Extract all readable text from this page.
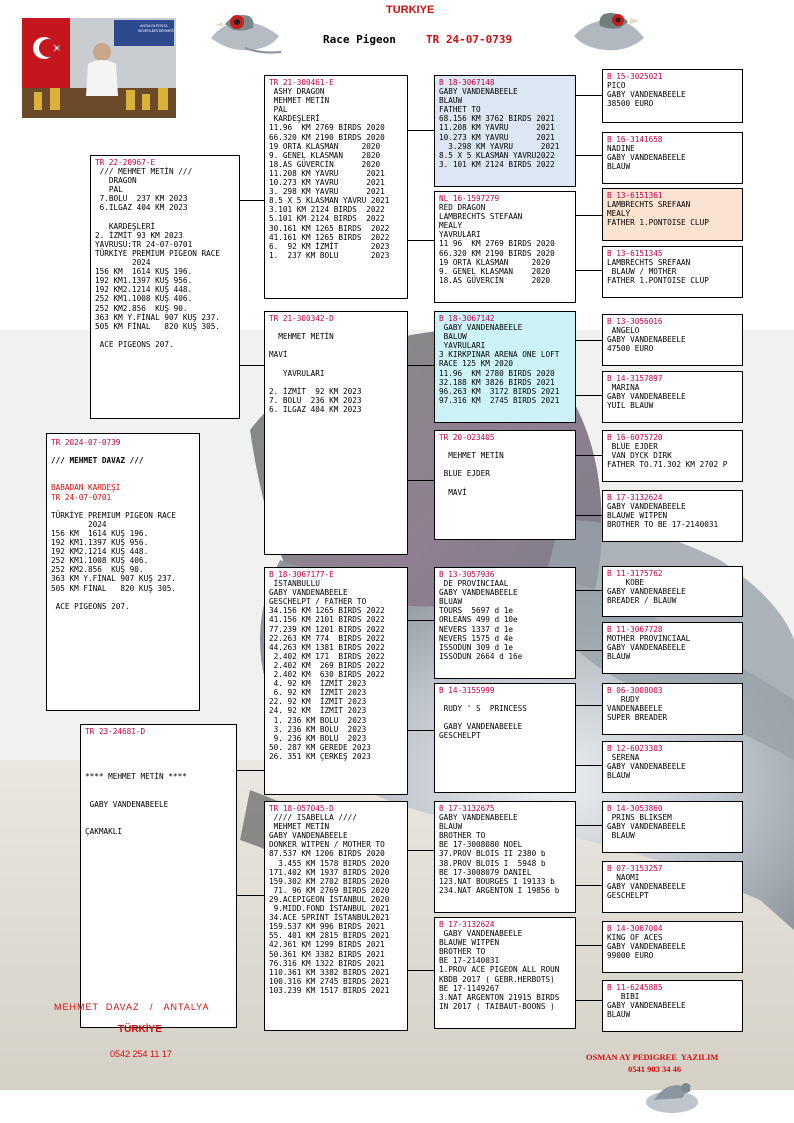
TURKIYE
Race Pigeon	TR 24-07-0739
ANTALYA POSTA
SEVERLERİ DERNEĞİ
TR 2024-07-0739

/// MEHMET DAVAZ ///

BABADAN KARDEŞİ
TR 24-07-0701

TÜRKİYE PREMIUM PIGEON RACE
2024
156 KM  1614 KUŞ 196.
192 KM1.1397 KUŞ 956.
192 KM2.1214 KUŞ 448.
252 KM1.1008 KUŞ 406.
252 KM2.856  KUŞ 90.
363 KM Y.FİNAL 907 KUŞ 237.
505 KM FİNAL   820 KUŞ 305.

ACE PIGEONS 207.
TR 22-20967-E
/// MEHMET METİN ///
DRAGON
PAL
7.BOLU  237 KM 2023
6.ILGAZ 404 KM 2023

KARDEŞLERİ
2. İZMİT 93 KM 2023
YAVRUSU:TR 24-07-0701
TÜRKİYE PREMIUM PIGEON RACE
2024
156 KM  1614 KUŞ 196.
192 KM1.1397 KUŞ 956.
192 KM2.1214 KUŞ 448.
252 KM1.1008 KUŞ 406.
252 KM2.856  KUŞ 90.
363 KM Y.FİNAL 907 KUŞ 237.
505 KM FİNAL   820 KUŞ 305.

ACE PIGEONS 207.
TR 23-24681-D

**** MEHMET METİN ****

GABY VANDENABEELE

ÇAKMAKLI
TR 21-300461-E
ASHY DRAGON
MEHMET METİN
PAL
KARDEŞLERİ
11.96  KM 2769 BIRDS 2020
66.320 KM 2190 BIRDS 2020
19 ORTA KLASMAN     2020
9. GENEL KLASMAN    2020
18.AS GÜVERCİN      2020
11.208 KM YAVRU      2021
10.273 KM YAVRU      2021
3. 298 KM YAVRU      2021
8.5 X 5 KLASMAN YAVRU 2021
3.101 KM 2124 BIRDS  2022
5.101 KM 2124 BIRDS  2022
30.161 KM 1265 BIRDS  2022
41.161 KM 1265 BIRDS  2022
6.  92 KM İZMİT       2023
1.  237 KM BOLU       2023
TR 21-300342-D

MEHMET METİN

MAVİ

YAVRULARI

2. İZMİT  92 KM 2023
7. BOLU  236 KM 2023
6. ILGAZ 404 KM 2023
B 18-3067177-E
İSTANBULLU
GABY VANDENABEELE
GESCHELPT / FATHER TO
34.156 KM 1265 BIRDS 2022
41.156 KM 2101 BIRDS 2022
77.239 KM 1201 BIRDS 2022
22.263 KM 774  BIRDS 2022
44.263 KM 1381 BIRDS 2022
2.402 KM 171  BIRDS 2022
2.402 KM  269 BIRDS 2022
2.402 KM  630 BIRDS 2022
4. 92 KM  İZMİT 2023
6. 92 KM  İZMİT 2023
22. 92 KM  İZMİT 2023
24. 92 KM  İZMİT 2023
1. 236 KM BOLU  2023
3. 236 KM BOLU  2023
9. 236 KM BOLU  2023
50. 287 KM GEREDE 2023
26. 351 KM ÇERKEŞ 2023
TR 18-057045-D
//// ISABELLA ////
MEHMET METİN
GABY VANDENABEELE
DONKER WITPEN / MOTHER TO
87.537 KM 1206 BIRDS 2020
3.455 KM 1578 BIRDS 2020
171.402 KM 1937 BIRDS 2020
159.302 KM 2702 BIRDS 2020
71. 96 KM 2769 BIRDS 2020
29.ACEPIGEON İSTANBUL 2020
9.MIDD.FOND İSTANBUL 2021
34.ACE SPRINT İSTANBUL2021
159.537 KM 996 BIRDS 2021
55. 401 KM 2815 BIRDS 2021
42.361 KM 1299 BIRDS 2021
50.361 KM 3382 BIRDS 2021
76.316 KM 1322 BIRDS 2021
110.361 KM 3382 BIRDS 2021
100.316 KM 2745 BIRDS 2021
103.239 KM 1517 BIRDS 2021
B 18-3067148
GABY VANDENABEELE
BLAUW
FATHET TO
68.156 KM 3762 BIRDS 2021
11.208 KM YAVRU      2021
10.273 KM YAVRU      2021
3.298 KM YAVRU      2021
8.5 X 5 KLASMAN YAVRU2022
3. 101 KM 2124 BIRDS 2022
NL 16-1597279
RED DRAGON
LAMBRECHTS STEFAAN
MEALY
YAVRULARI
11 96  KM 2769 BIRDS 2020
66.320 KM 2190 BIRDS 2020
19 ORTA KLASMAN     2020
9. GENEL KLASMAN    2020
18.AS GÜVERCİN      2020
B 18-3067142
GABY VANDENABEELE
BALUW
YAVRULARI
3 KIRKPINAR ARENA ONE LOFT
RACE 125 KM 2020
11.96  KM 2780 BIRDS 2020
32.188 KM 3826 BIRDS 2021
96.263 KM  3172 BIRDS 2021
97.316 KM  2745 BIRDS 2021
TR 20-023405

MEHMET METİN

BLUE EJDER

MAVİ
B 13-3057936
DE PROVINCIAAL
GABY VANDENABEELE
BLUAW
TOURS  5697 d 1e
ORLEANS 499 d 10e
NEVERS 1337 d 1e
NEVERS 1575 d 4e
ISSODUN 309 d 1e
ISSODUN 2664 d 16e
B 14-3155999

RUDY ' S  PRINCESS

GABY VANDENABEELE
GESCHELPT
B 17-3132675
GABY VANDENABEELE
BLAUW
BROTHER TO
BE 17-3008080 NOEL
37.PROV BLOIS II 2380 b
38.PROV BLOIS I  5948 b
BE 17-3008079 DANIEL
123.NAT BOURGES I 19133 b
234.NAT ARGENTON I 19856 b
B 17-3132624
GABY VANDENABEELE
BLAUWE WITPEN
BROTHER TO
BE 17-2140031
1.PROV ACE PIGEON ALL ROUN
KBDB 2017 ( GEBR.HERBOTS)
BE 17-1149267
3.NAT ARGENTON 21915 BIRDS
IN 2017 ( TAIBAUT-BOONS )
B 15-3025021
PICO
GABY VANDENABEELE
38500 EURO
B 16-3141658
NADINE
GABY VANDENABEELE
BLAUW
B 13-6151361
LAMBRECHTS SREFAAN
MEALY
FATHER 1.PONTOISE CLUP
B 13-6151345
LAMBRECHTS SREFAAN
BLAUW / MOTHER
FATHER 1.PONTOISE CLUP
B 13-3056016
ANGELO
GABY VANDENABEELE
47500 EURO
B 14-3157897
MARINA
GABY VANDENABEELE
YUIL BLAUW
B 16-6075720
BLUE EJDER
VAN DYCK DIRK
FATHER TO.71.302 KM 2702 P
B 17-3132624
GABY VANDENABEELE
BLAUWE WITPEN
BROTHER TO BE 17-2140031
B 11-3175762
KOBE
GABY VANDENABEELE
BREADER / BLAUW
B 11-3067728
MOTHER PROVINCIAAL
GABY VANDENABEELE
BLAUW
B 06-3008003
RUDY
VANDENABEELE
SUPER BREADER
B 12-6023303
SERENA
GABY VANDENABEELE
BLAUW
B 14-3053860
PRINS BLIKSEM
GABY VANDENABEELE
BLAUW
B 07-3153257
NAOMI
GABY VANDENABEELE
GESCHELPT
B 14-3067004
KING OF ACES
GABY VANDENABEELE
99000 EURO
B 11-6245885
BIBI
GABY VANDENABEELE
BLAUW
MEHMET  DAVAZ   /   ANTALYA
TÜRKİYE
0542 254 11 17	OSMAN AY PEDIGREE  YAZILIM
0541 903 34 46
